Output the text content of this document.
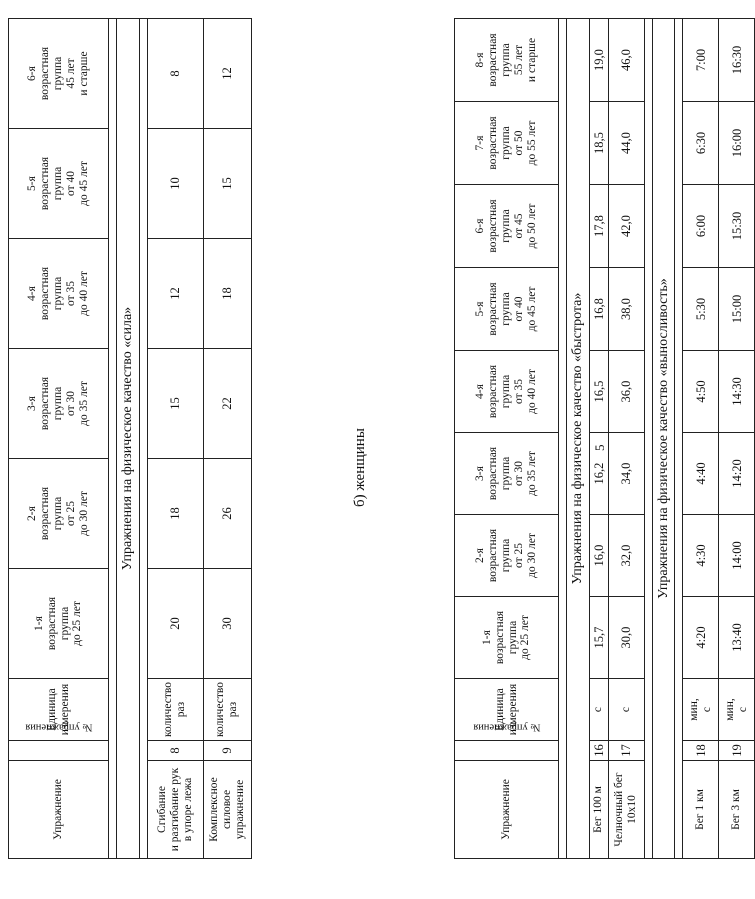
5
Упражнение	№ упражнения	Единица
измерения	1-я
возрастная
группа
до 25 лет	2-я
возрастная
группа
от 25
до 30 лет	3-я
возрастная
группа
от 30
до 35 лет	4-я
возрастная
группа
от 35
до 40 лет	5-я
возрастная
группа
от 40
до 45 лет	6-я
возрастная
группа
от 45
до 50 лет	7-я
возрастная
группа
от 50
до 55 лет	8-я
возрастная
группа
55 лет
и старше

Упражнения на физическое качество «быстрота»										
Бег 100 м	16	с	15,7	16,0	16,2	16,5	16,8	17,8	18,5	19,0
Челночный бег
10x10	17	с	30,0	32,0	34,0	36,0	38,0	42,0	44,0	46,0

Упражнения на физическое качество «выносливость»										

Бег 1 км	18	мин,
с	4:20	4:30	4:40	4:50	5:30	6:00	6:30	7:00
Бег 3 км	19	мин,
с	13:40	14:00	14:20	14:30	15:00	15:30	16:00	16:30
б) женщины
Упражнение	№ упражнения	Единица
измерения	1-я
возрастная
группа
до 25 лет	2-я
возрастная
группа
от 25
до 30 лет	3-я
возрастная
группа
от 30
до 35 лет	4-я
возрастная
группа
от 35
до 40 лет	5-я
возрастная
группа
от 40
до 45 лет	6-я
возрастная
группа
45 лет
и старше

Упражнения на физическое качество «сила»								

Сгибание
и разгибание рук
в упоре лежа	8	количество
раз	20	18	15	12	10	8
Комплексное
силовое
упражнение	9	количество
раз	30	26	22	18	15	12
